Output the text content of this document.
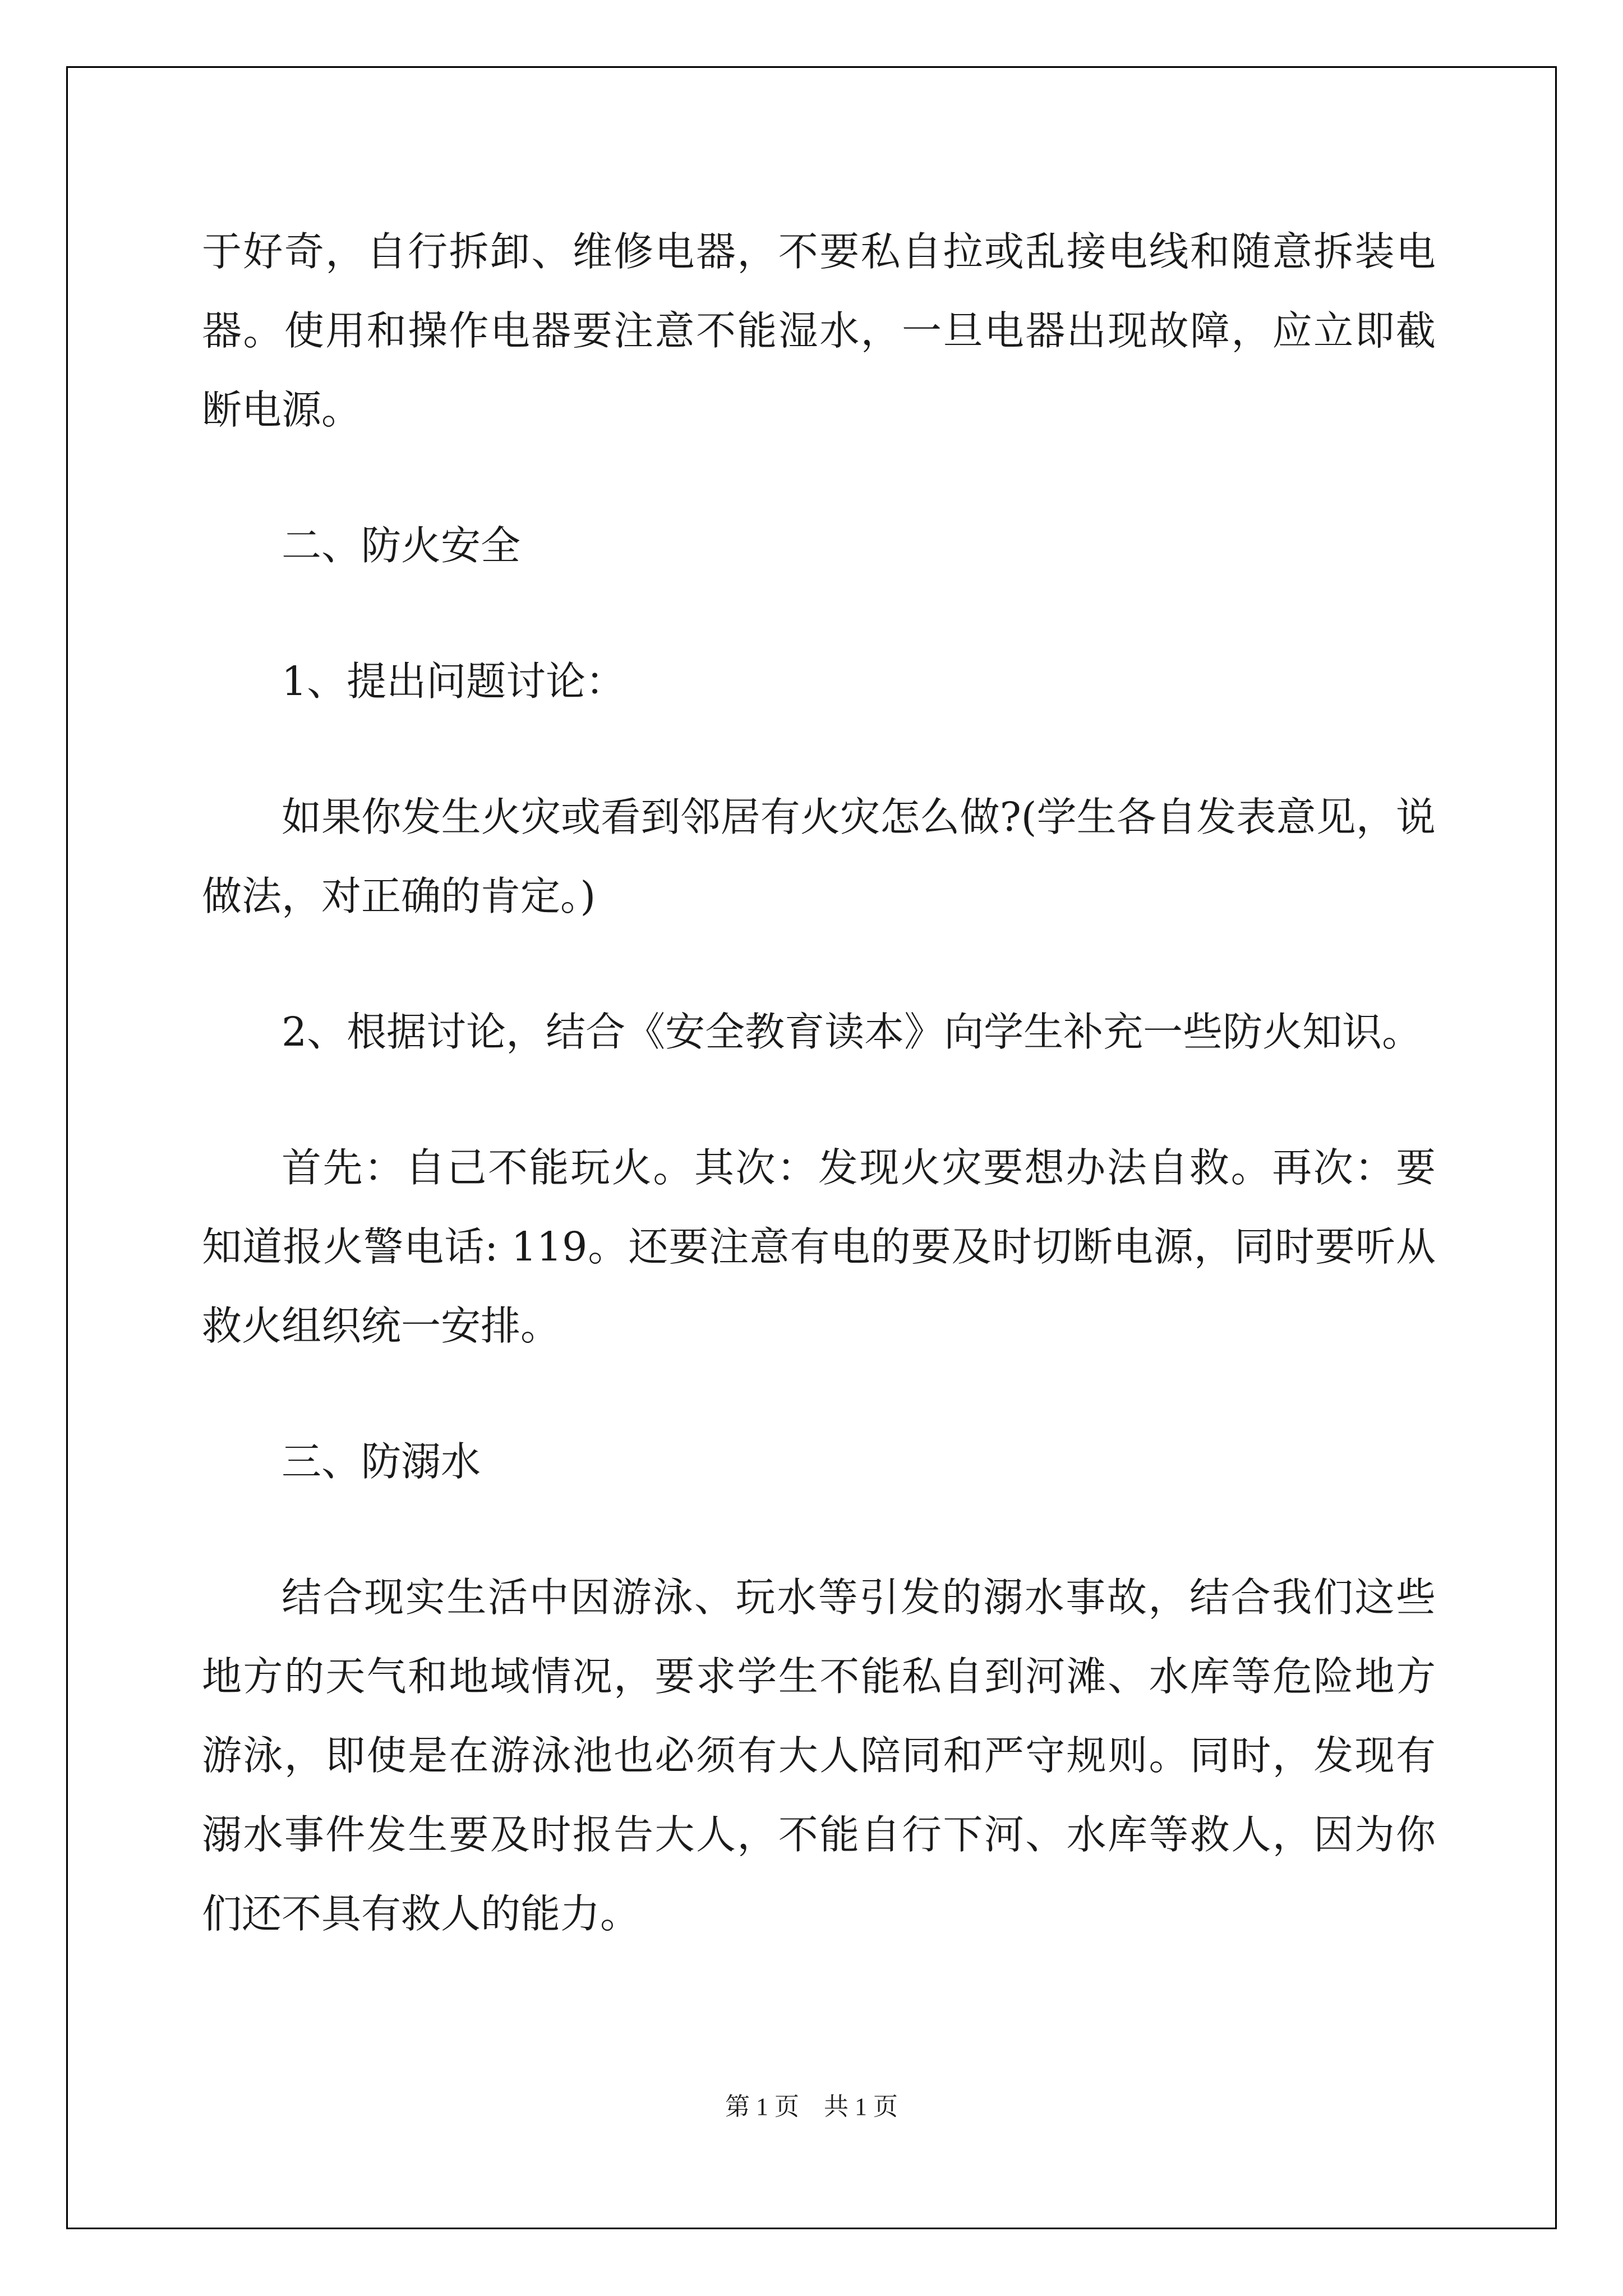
于好奇，自行拆卸、维修电器，不要私自拉或乱接电线和随意拆装电器。使用和操作电器要注意不能湿水，一旦电器出现故障，应立即截断电源。

二、防火安全

1、提出问题讨论：

如果你发生火灾或看到邻居有火灾怎么做?(学生各自发表意见，说做法，对正确的肯定。)

2、根据讨论，结合《安全教育读本》向学生补充一些防火知识。

首先：自己不能玩火。其次：发现火灾要想办法自救。再次：要知道报火警电话: 119。还要注意有电的要及时切断电源，同时要听从救火组织统一安排。

三、防溺水

结合现实生活中因游泳、玩水等引发的溺水事故，结合我们这些地方的天气和地域情况，要求学生不能私自到河滩、水库等危险地方游泳，即使是在游泳池也必须有大人陪同和严守规则。同时，发现有溺水事件发生要及时报告大人，不能自行下河、水库等救人，因为你们还不具有救人的能力。

第 1 页　共 1 页
